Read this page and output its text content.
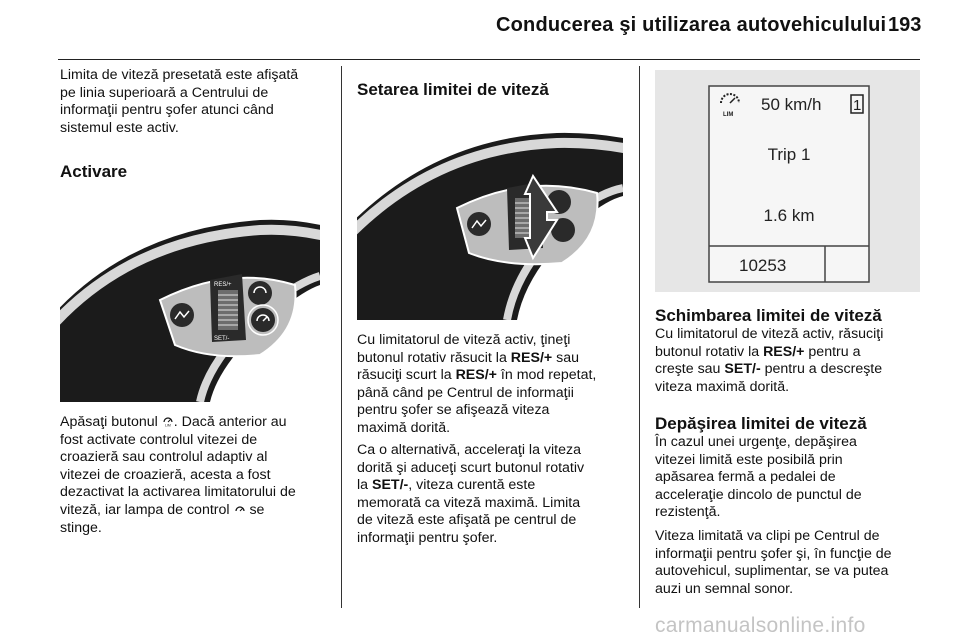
Conducerea şi utilizarea autovehiculului 193
Limita de viteză presetată este afişată
pe linia superioară a Centrului de
informaţii pentru şofer atunci când
sistemul este activ.
Activare
RES/+
SET/-
Apăsaţi butonul LIM . Dacă anterior au
fost activate controlul vitezei de
croazieră sau controlul adaptiv al
vitezei de croazieră, acesta a fost
dezactivat la activarea limitatorului de
viteză, iar lampa de control se
stinge.
Setarea limitei de viteză
Cu limitatorul de viteză activ, ţineţi
butonul rotativ răsucit la RES/+ sau
răsuciţi scurt la RES/+ în mod repetat,
până când pe Centrul de informaţii
pentru şofer se afişează viteza
maximă dorită.
Ca o alternativă, acceleraţi la viteza
dorită şi aduceţi scurt butonul rotativ
la SET/-, viteza curentă este
memorată ca viteză maximă. Limita
de viteză este afişată pe centrul de
informaţii pentru şofer.
LIM
50 km/h 1
Trip 1
1.6 km
10253
Schimbarea limitei de viteză
Cu limitatorul de viteză activ, răsuciţi
butonul rotativ la RES/+ pentru a
creşte sau SET/- pentru a descreşte
viteza maximă dorită.
Depăşirea limitei de viteză
În cazul unei urgenţe, depăşirea
vitezei limită este posibilă prin
apăsarea fermă a pedalei de
acceleraţie dincolo de punctul de
rezistenţă.
Viteza limitată va clipi pe Centrul de
informaţii pentru şofer şi, în funcţie de
autovehicul, suplimentar, se va putea
auzi un semnal sonor.
carmanualsonline.info
